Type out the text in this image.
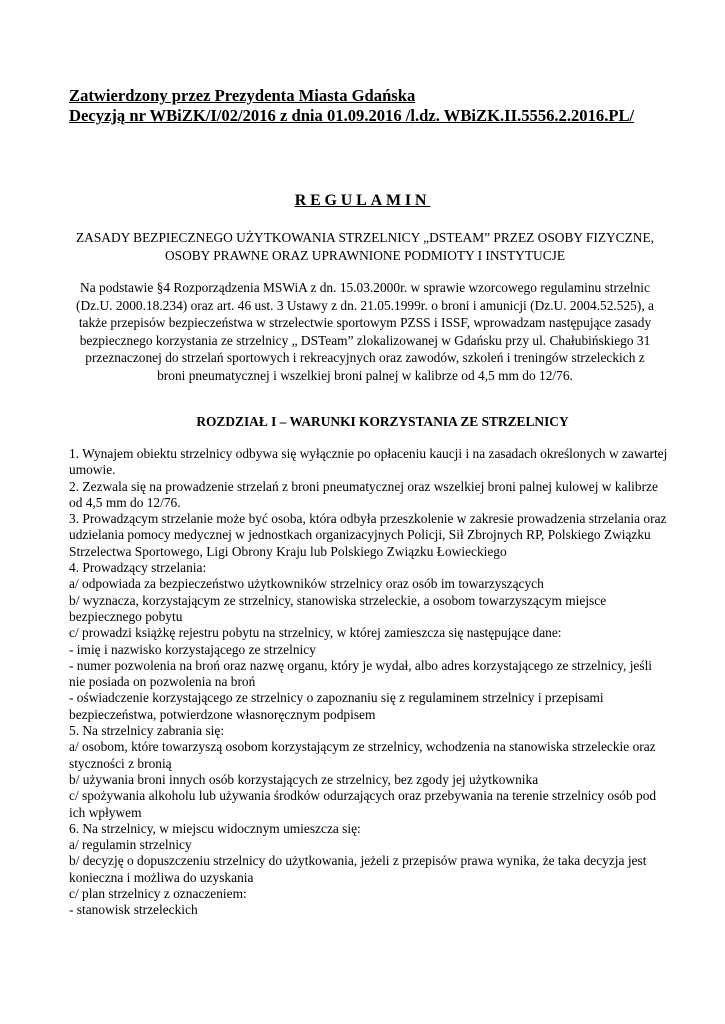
Zatwierdzony przez Prezydenta Miasta Gdańska
Decyzją nr WBiZK/I/02/2016 z dnia 01.09.2016 /l.dz. WBiZK.II.5556.2.2016.PL/
REGULAMIN
ZASADY BEZPIECZNEGO UŻYTKOWANIA STRZELNICY „DSTEAM” PRZEZ OSOBY FIZYCZNE, OSOBY PRAWNE ORAZ UPRAWNIONE PODMIOTY I INSTYTUCJE
Na podstawie §4 Rozporządzenia MSWiA z dn. 15.03.2000r. w sprawie wzorcowego regulaminu strzelnic (Dz.U. 2000.18.234) oraz art. 46 ust. 3 Ustawy z dn. 21.05.1999r. o broni i amunicji (Dz.U. 2004.52.525), a także przepisów bezpieczeństwa w strzelectwie sportowym PZSS i ISSF, wprowadzam następujące zasady bezpiecznego korzystania ze strzelnicy „ DSTeam” zlokalizowanej w Gdańsku przy ul. Chałubińskiego 31 przeznaczonej do strzelań sportowych i rekreacyjnych oraz zawodów, szkoleń i treningów strzeleckich z broni pneumatycznej i wszelkiej broni palnej w kalibrze od 4,5 mm do 12/76.
ROZDZIAŁ I – WARUNKI KORZYSTANIA ZE STRZELNICY

1. Wynajem obiektu strzelnicy odbywa się wyłącznie po opłaceniu kaucji i na zasadach określonych w zawartej umowie.

2. Zezwala się na prowadzenie strzelań z broni pneumatycznej oraz wszelkiej broni palnej kulowej w kalibrze od 4,5 mm do 12/76.

3. Prowadzącym strzelanie może być osoba, która odbyła przeszkolenie w zakresie prowadzenia strzelania oraz udzielania pomocy medycznej w jednostkach organizacyjnych Policji, Sił Zbrojnych RP, Polskiego Związku Strzelectwa Sportowego, Ligi Obrony Kraju lub Polskiego Związku Łowieckiego

4. Prowadzący strzelania:

a/ odpowiada za bezpieczeństwo użytkowników strzelnicy oraz osób im towarzyszących

b/ wyznacza, korzystającym ze strzelnicy, stanowiska strzeleckie, a osobom towarzyszącym miejsce bezpiecznego pobytu

c/ prowadzi książkę rejestru pobytu na strzelnicy, w której zamieszcza się następujące dane:

- imię i nazwisko korzystającego ze strzelnicy

- numer pozwolenia na broń oraz nazwę organu, który je wydał, albo adres korzystającego ze strzelnicy, jeśli nie posiada on pozwolenia na broń

- oświadczenie korzystającego ze strzelnicy o zapoznaniu się z regulaminem strzelnicy i przepisami bezpieczeństwa, potwierdzone własnoręcznym podpisem

5. Na strzelnicy zabrania się:

a/ osobom, które towarzyszą osobom korzystającym ze strzelnicy, wchodzenia na stanowiska strzeleckie oraz styczności z bronią

b/ używania broni innych osób korzystających ze strzelnicy, bez zgody jej użytkownika

c/ spożywania alkoholu lub używania środków odurzających oraz przebywania na terenie strzelnicy osób pod ich wpływem

6. Na strzelnicy, w miejscu widocznym umieszcza się:

a/ regulamin strzelnicy

b/ decyzję o dopuszczeniu strzelnicy do użytkowania, jeżeli z przepisów prawa wynika, że taka decyzja jest konieczna i możliwa do uzyskania

c/ plan strzelnicy z oznaczeniem:

- stanowisk strzeleckich
